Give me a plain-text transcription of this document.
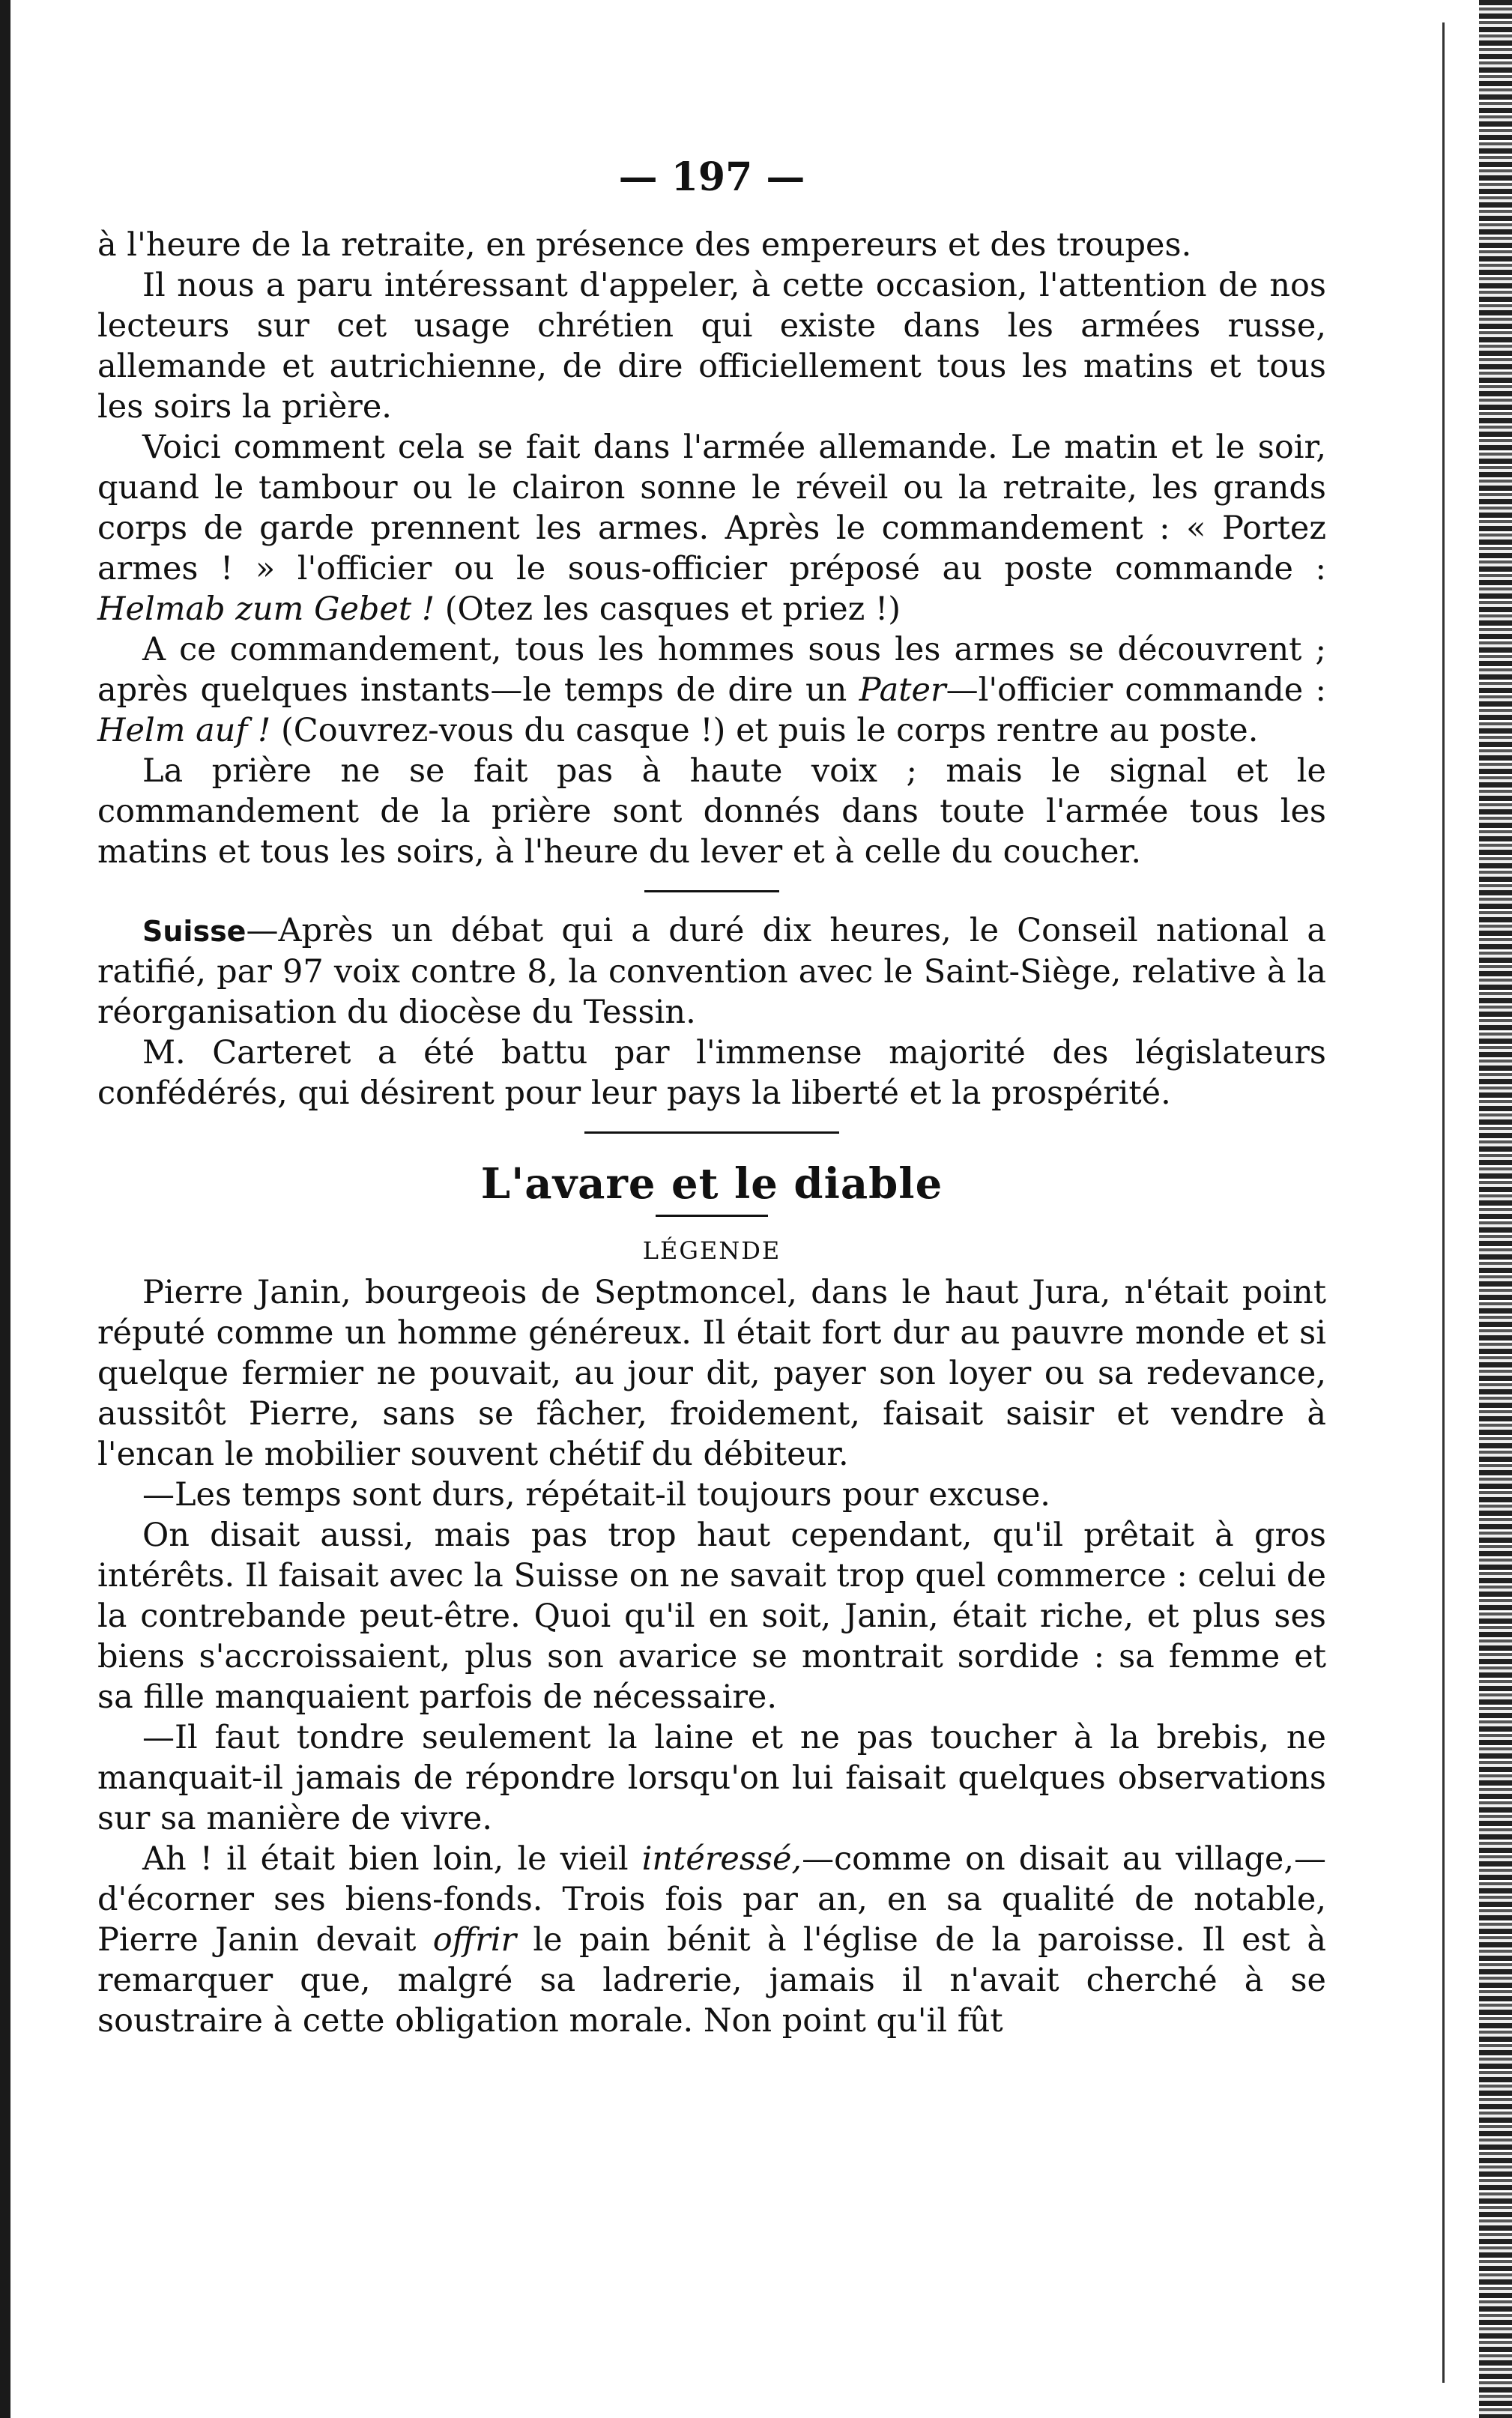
— 197 —

à l'heure de la retraite, en présence des empereurs et des troupes.

Il nous a paru intéressant d'appeler, à cette occasion, l'attention de nos lecteurs sur cet usage chrétien qui existe dans les armées russe, allemande et autrichienne, de dire officiellement tous les matins et tous les soirs la prière.

Voici comment cela se fait dans l'armée allemande. Le matin et le soir, quand le tambour ou le clairon sonne le réveil ou la retraite, les grands corps de garde prennent les armes. Après le commandement : « Portez armes ! » l'officier ou le sous-officier préposé au poste commande : Helmab zum Gebet ! (Otez les casques et priez !)

A ce commandement, tous les hommes sous les armes se découvrent ; après quelques instants—le temps de dire un Pater—l'officier commande : Helm auf ! (Couvrez-vous du casque !) et puis le corps rentre au poste.

La prière ne se fait pas à haute voix ; mais le signal et le commandement de la prière sont donnés dans toute l'armée tous les matins et tous les soirs, à l'heure du lever et à celle du coucher.

Suisse—Après un débat qui a duré dix heures, le Conseil national a ratifié, par 97 voix contre 8, la convention avec le Saint-Siège, relative à la réorganisation du diocèse du Tessin.

M. Carteret a été battu par l'immense majorité des législateurs confédérés, qui désirent pour leur pays la liberté et la prospérité.

L'avare et le diable
LÉGENDE

Pierre Janin, bourgeois de Septmoncel, dans le haut Jura, n'était point réputé comme un homme généreux. Il était fort dur au pauvre monde et si quelque fermier ne pouvait, au jour dit, payer son loyer ou sa redevance, aussitôt Pierre, sans se fâcher, froidement, faisait saisir et vendre à l'encan le mobilier souvent chétif du débiteur.

—Les temps sont durs, répétait-il toujours pour excuse.

On disait aussi, mais pas trop haut cependant, qu'il prêtait à gros intérêts. Il faisait avec la Suisse on ne savait trop quel commerce : celui de la contrebande peut-être. Quoi qu'il en soit, Janin, était riche, et plus ses biens s'accroissaient, plus son avarice se montrait sordide : sa femme et sa fille manquaient parfois de nécessaire.

—Il faut tondre seulement la laine et ne pas toucher à la brebis, ne manquait-il jamais de répondre lorsqu'on lui faisait quelques observations sur sa manière de vivre.

Ah ! il était bien loin, le vieil intéressé,—comme on disait au village,—d'écorner ses biens-fonds. Trois fois par an, en sa qualité de notable, Pierre Janin devait offrir le pain bénit à l'église de la paroisse. Il est à remarquer que, malgré sa ladrerie, jamais il n'avait cherché à se soustraire à cette obligation morale. Non point qu'il fût
